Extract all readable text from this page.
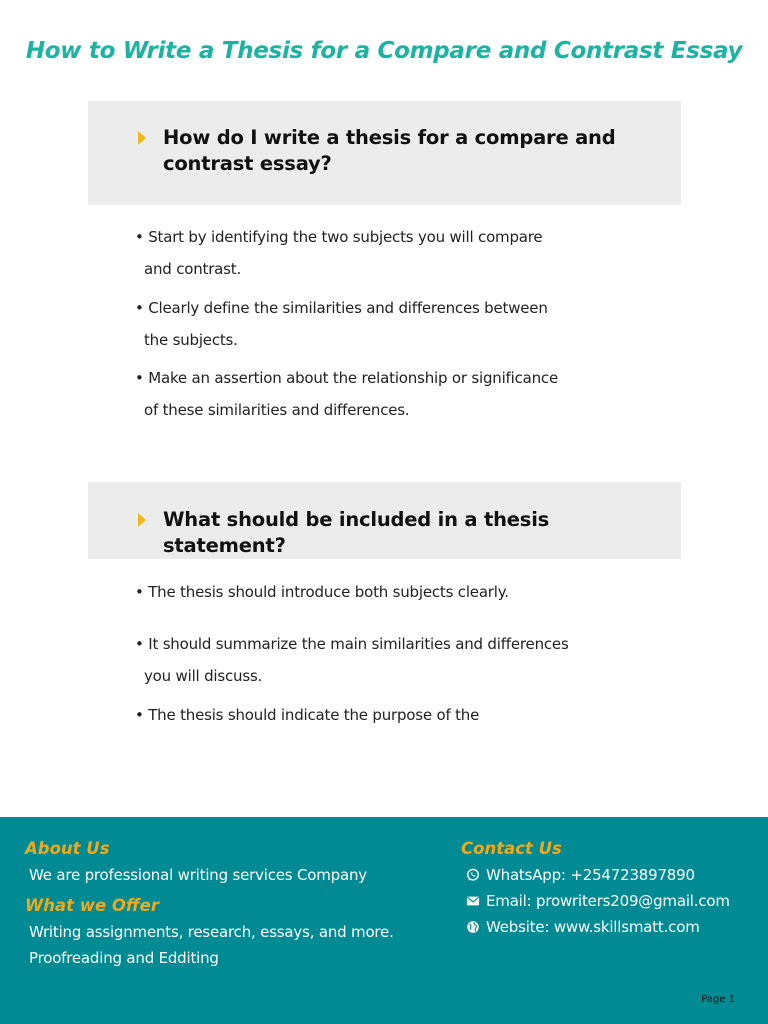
How to Write a Thesis for a Compare and Contrast Essay
How do I write a thesis for a compare and contrast essay?
• Start by identifying the two subjects you will compare and contrast.
• Clearly define the similarities and differences between the subjects.
• Make an assertion about the relationship or significance of these similarities and differences.
What should be included in a thesis statement?
• The thesis should introduce both subjects clearly.
• It should summarize the main similarities and differences you will discuss.
• The thesis should indicate the purpose of the
About Us
We are professional writing services Company
What we Offer
Writing assignments, research, essays, and more.
Proofreading and Edditing
Contact Us
WhatsApp: +254723897890
Email: prowriters209@gmail.com
Website: www.skillsmatt.com
Page 1
